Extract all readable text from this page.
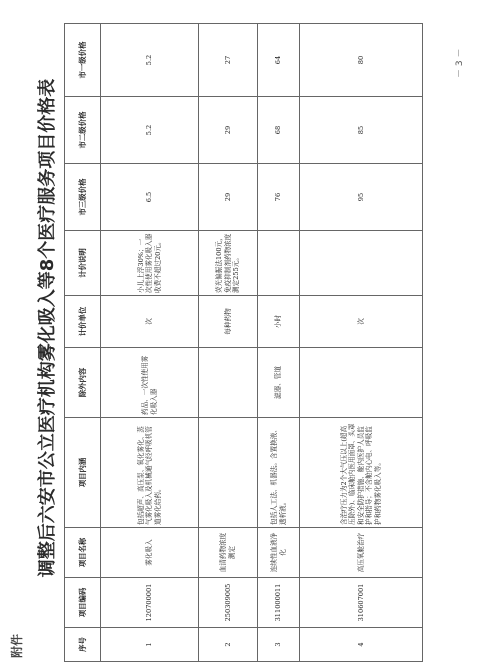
附件
调整后六安市公立医疗机构雾化吸入等8个医疗服务项目价格表
序号	项目编码	项目名称	项目内涵	除外内容	计价单位	计价说明	市三级价格	市二级价格	市一级价格
1	120700001	雾化吸入	包括超声、高压泵、氧化雾化、蒸气雾化吸入及机械通气经呼吸机管道雾化给药。	药品、一次性使用雾化吸入器	次	小儿上浮30%；一次性使用雾化吸入器收费不超过20元。	6.5	5.2	5.2
2	250309005	血清药物浓度测定			每种药物	荧光偏振法100元，免疫抑制剂药物浓度测定255元。	29	29	27
3	311000011	连续性血液净化	包括人工法、机器法。含置换液、透析液。	滤器、管道	小时		76	68	64
4	310607001	高压氧舱治疗	含治疗压力为2个大气压以上(超高压除外)、临床舱内医用面罩、头罩和安全防护措施、舱内医护人员监护和指导；不含舱内心电、呼吸监护和药物雾化吸入等。		次		95	85	80	－ 3 －
